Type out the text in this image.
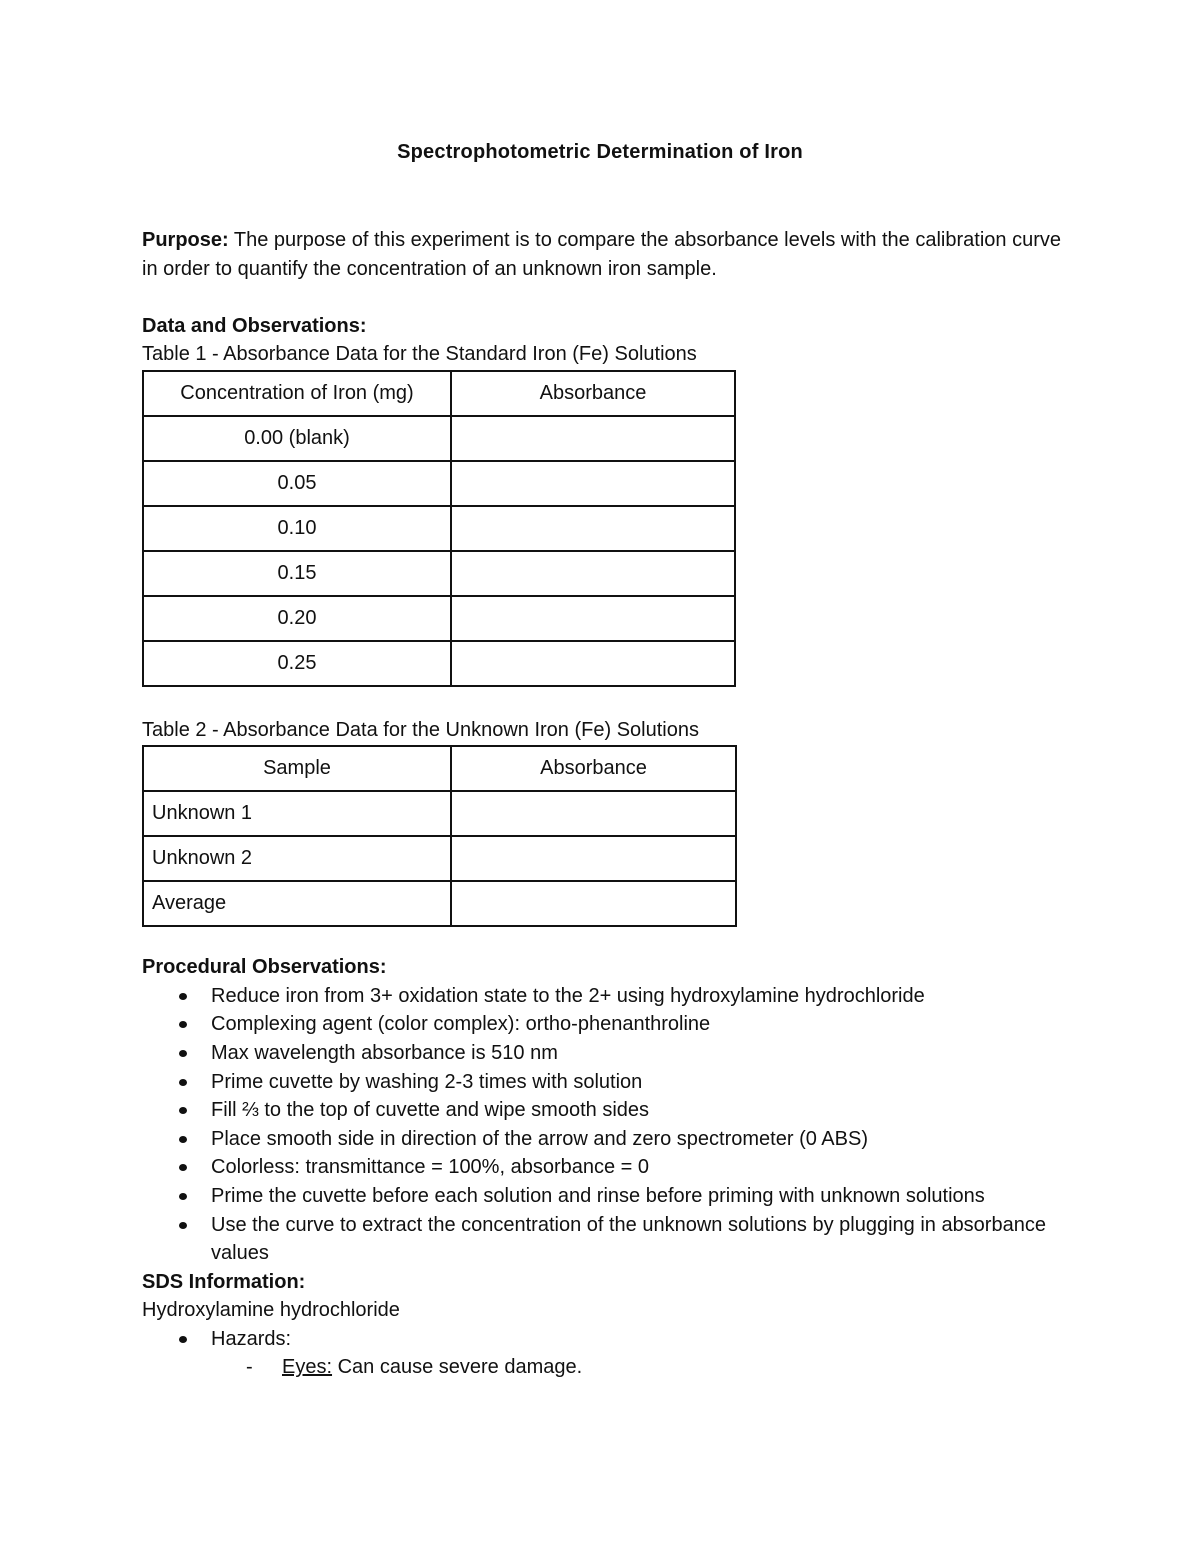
Spectrophotometric Determination of Iron

Purpose: The purpose of this experiment is to compare the absorbance levels with the calibration curve in order to quantify the concentration of an unknown iron sample.

Data and Observations:

Table 1 - Absorbance Data for the Standard Iron (Fe) Solutions

Concentration of Iron (mg)	Absorbance
0.00 (blank)	
0.05	
0.10	
0.15	
0.20	
0.25	

Table 2 - Absorbance Data for the Unknown Iron (Fe) Solutions

Sample	Absorbance
Unknown 1	
Unknown 2	
Average	

Procedural Observations:

Reduce iron from 3+ oxidation state to the 2+ using hydroxylamine hydrochloride
Complexing agent (color complex): ortho-phenanthroline
Max wavelength absorbance is 510 nm
Prime cuvette by washing 2-3 times with solution
Fill ⅔ to the top of cuvette and wipe smooth sides
Place smooth side in direction of the arrow and zero spectrometer (0 ABS)
Colorless: transmittance = 100%, absorbance = 0
Prime the cuvette before each solution and rinse before priming with unknown solutions
Use the curve to extract the concentration of the unknown solutions by plugging in absorbance values

SDS Information:

Hydroxylamine hydrochloride

Hazards:
- Eyes: Can cause severe damage.
